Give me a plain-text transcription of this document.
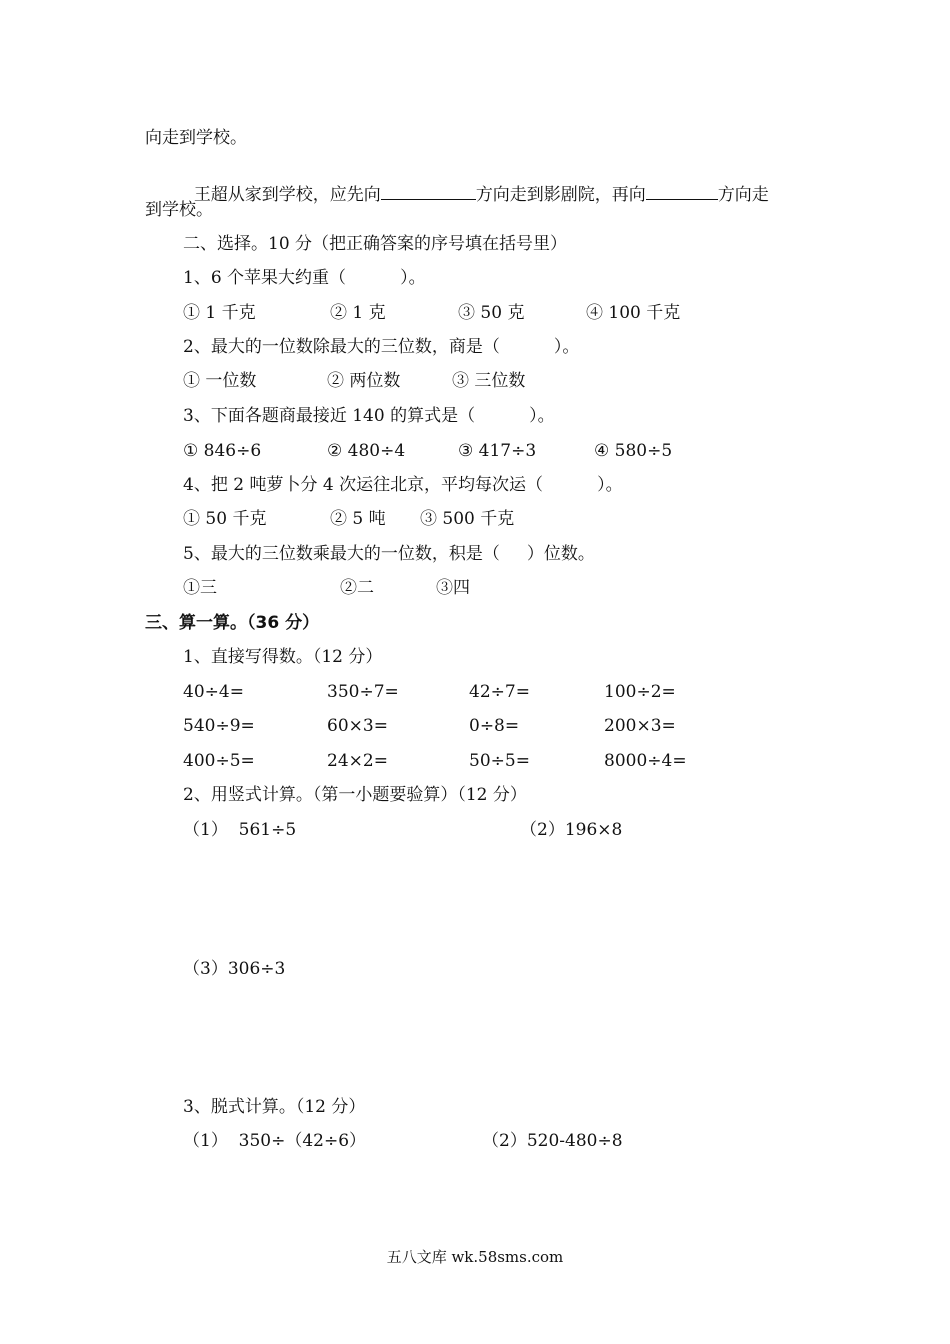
向走到学校。

王超从家到学校，应先向	方向走到影剧院，再向	方向走

到学校。
二、选择。10 分（把正确答案的序号填在括号里）
1、6 个苹果大约重（          ）。
① 1 千克	② 1 克	③ 50 克	④ 100 千克
2、最大的一位数除最大的三位数，商是（          ）。
① 一位数	② 两位数	③ 三位数
3、下面各题商最接近 140 的算式是（          ）。
① 846÷6	② 480÷4	③ 417÷3	④ 580÷5
4、把 2 吨萝卜分 4 次运往北京，平均每次运（          ）。
① 50 千克	② 5 吨 ③ 500 千克
5、最大的三位数乘最大的一位数，积是（     ）位数。
①三	②二	③四
三、算一算。（36 分）
1、直接写得数。（12 分）
40÷4=	350÷7=	42÷7=	100÷2=
540÷9=	60×3=	0÷8=	200×3=
400÷5=	24×2=	50÷5=	8000÷4=
2、用竖式计算。（第一小题要验算）（12 分）
（1）  561÷5	（2）196×8
（3）306÷3
3、脱式计算。（12 分）
（1）  350÷（42÷6）	（2）520-480÷8
五八文库 wk.58sms.com
